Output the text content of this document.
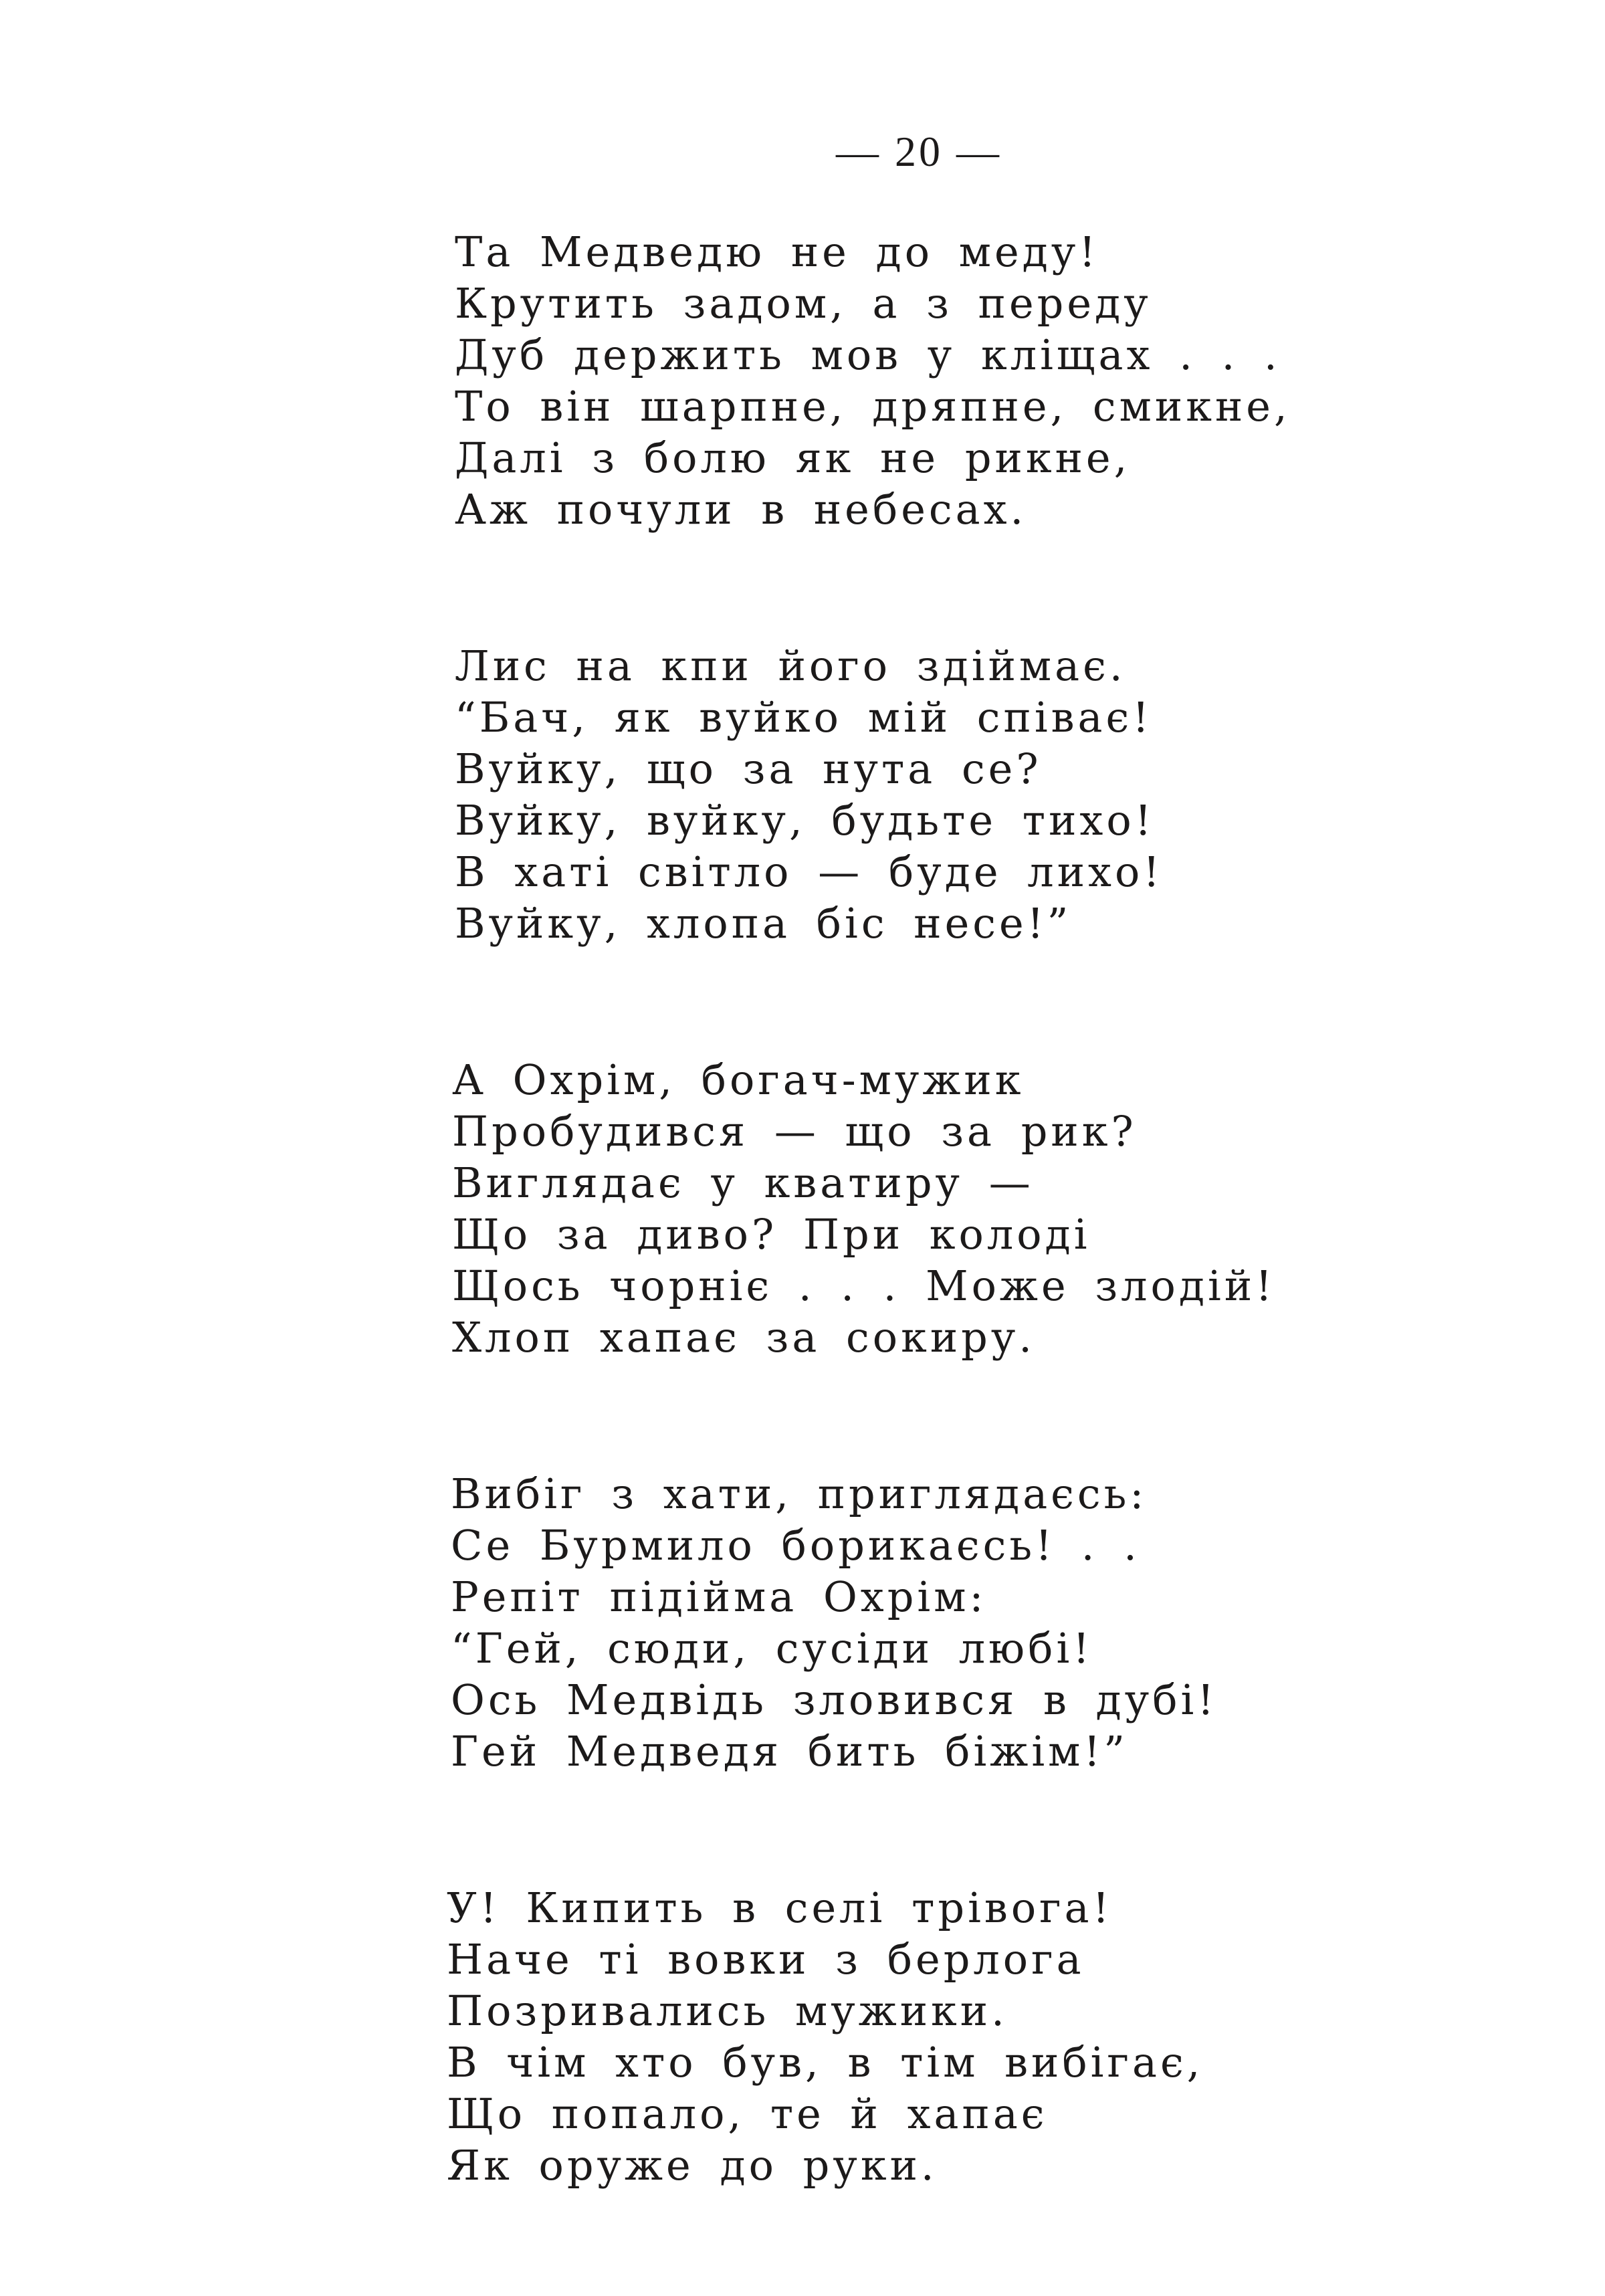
— 20 —
Та Медведю не до меду!
Крутить задом, а з переду
Дуб держить мов у кліщах . . .
То він шарпне, дряпне, смикне,
Далі з болю як не рикне,
Аж почули в небесах.
Лис на кпи його здіймає.
“Бач, як вуйко мій співає!
Вуйку, що за нута се?
Вуйку, вуйку, будьте тихо!
В хаті світло — буде лихо!
Вуйку, хлопа біс несе!”
А Охрім, богач-мужик
Пробудився — що за рик?
Виглядає у кватиру —
Що за диво? При колоді
Щось чорніє . . . Може злодій!
Хлоп хапає за сокиру.
Вибіг з хати, приглядаєсь:
Се Бурмило борикаєсь! . .
Репіт підійма Охрім:
“Гей, сюди, сусіди любі!
Ось Медвідь зловився в дубі!
Гей Медведя бить біжім!”
У! Кипить в селі трівога!
Наче ті вовки з берлога
Позривались мужики.
В чім хто був, в тім вибігає,
Що попало, те й хапає
Як оруже до руки.
